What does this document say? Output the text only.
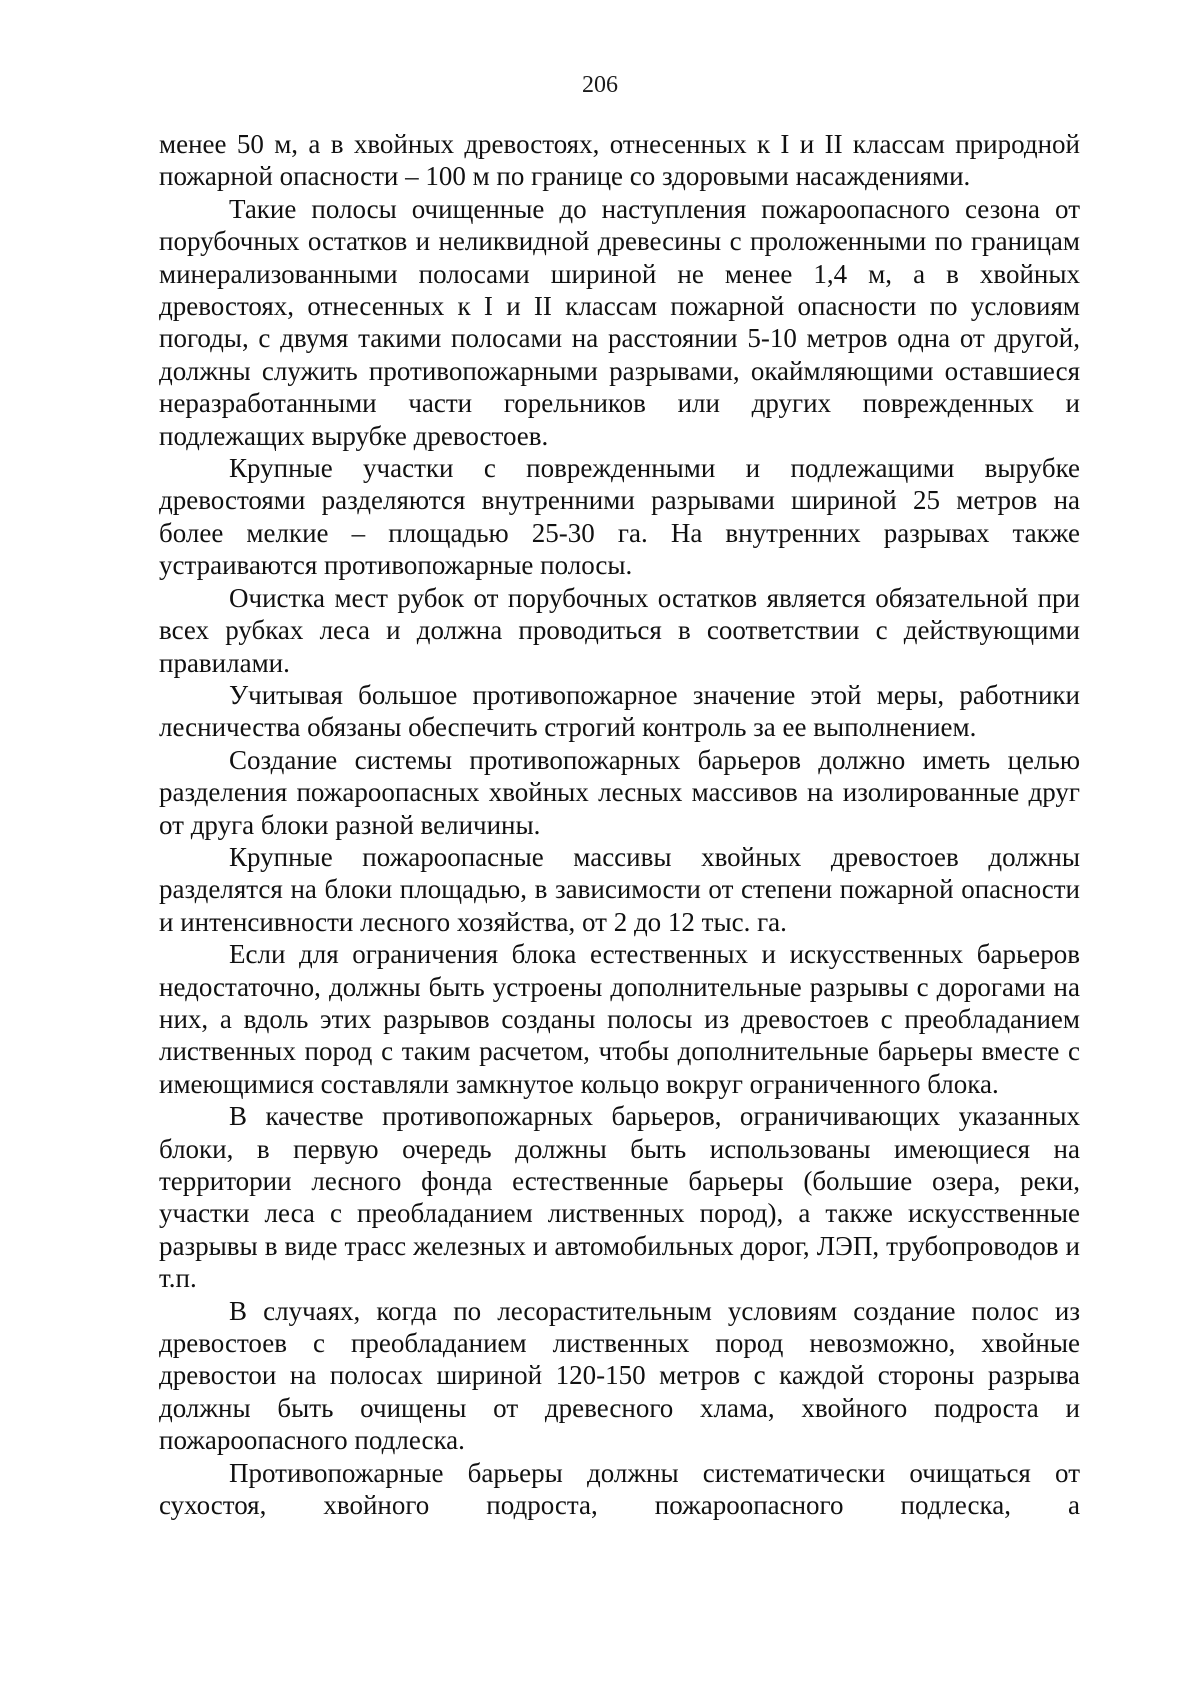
206

менее 50 м, а в хвойных древостоях, отнесенных к I и II классам природной пожарной опасности – 100 м по границе со здоровыми насаждениями.

Такие полосы очищенные до наступления пожароопасного сезона от порубочных остатков и неликвидной древесины с проложенными по границам минерализованными полосами шириной не менее 1,4 м, а в хвойных древостоях, отнесенных к I и II классам пожарной опасности по условиям погоды, с двумя такими полосами на расстоянии 5-10 метров одна от другой, должны служить противопожарными разрывами, окаймляющими оставшиеся неразработанными части горельников или других поврежденных и подлежащих вырубке древостоев.

Крупные участки с поврежденными и подлежащими вырубке древостоями разделяются внутренними разрывами шириной 25 метров на более мелкие – площадью 25-30 га. На внутренних разрывах также устраиваются противопожарные полосы.

Очистка мест рубок от порубочных остатков является обязательной при всех рубках леса и должна проводиться в соответствии с действующими правилами.

Учитывая большое противопожарное значение этой меры, работники лесничества обязаны обеспечить строгий контроль за ее выполнением.

Создание системы противопожарных барьеров должно иметь целью разделения пожароопасных хвойных лесных массивов на изолированные друг от друга блоки разной величины.

Крупные пожароопасные массивы хвойных древостоев должны разделятся на блоки площадью, в зависимости от степени пожарной опасности и интенсивности лесного хозяйства, от 2 до 12 тыс. га.

Если для ограничения блока естественных и искусственных барьеров недостаточно, должны быть устроены дополнительные разрывы с дорогами на них, а вдоль этих разрывов созданы полосы из древостоев с преобладанием лиственных пород с таким расчетом, чтобы дополнительные барьеры вместе с имеющимися составляли замкнутое кольцо вокруг ограниченного блока.

В качестве противопожарных барьеров, ограничивающих указанных блоки, в первую очередь должны быть использованы имеющиеся на территории лесного фонда естественные барьеры (большие озера, реки, участки леса с преобладанием лиственных пород), а также искусственные разрывы в виде трасс железных и автомобильных дорог, ЛЭП, трубопроводов и т.п.

В случаях, когда по лесорастительным условиям создание полос из древостоев с преобладанием лиственных пород невозможно, хвойные древостои на полосах шириной 120-150 метров с каждой стороны разрыва должны быть очищены от древесного хлама, хвойного подроста и пожароопасного подлеска.

Противопожарные барьеры должны систематически очищаться от сухостоя, хвойного подроста, пожароопасного подлеска, а
